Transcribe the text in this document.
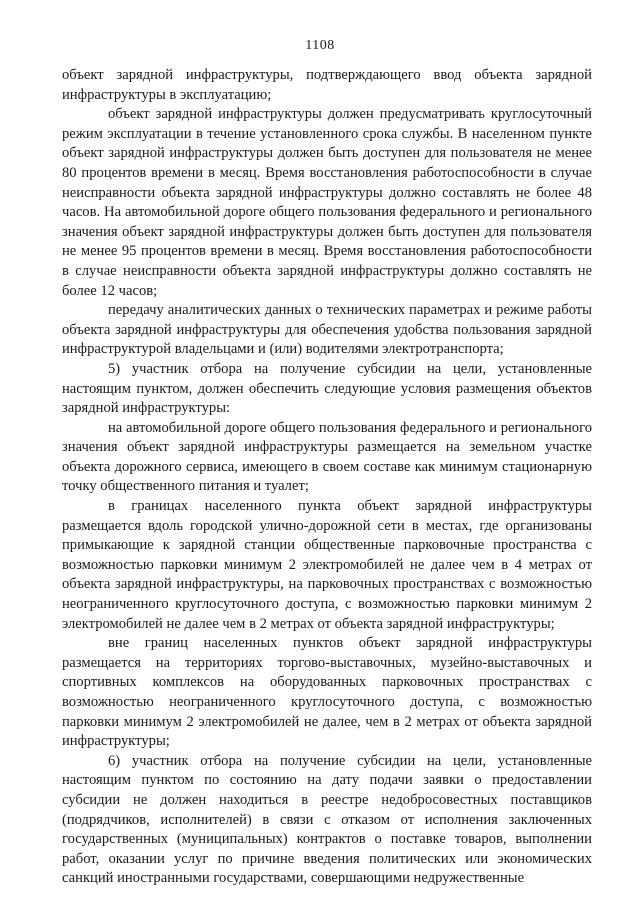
1108

объект зарядной инфраструктуры, подтверждающего ввод объекта зарядной инфраструктуры в эксплуатацию;

объект зарядной инфраструктуры должен предусматривать круглосуточный режим эксплуатации в течение установленного срока службы. В населенном пункте объект зарядной инфраструктуры должен быть доступен для пользователя не менее 80 процентов времени в месяц. Время восстановления работоспособности в случае неисправности объекта зарядной инфраструктуры должно составлять не более 48 часов. На автомобильной дороге общего пользования федерального и регионального значения объект зарядной инфраструктуры должен быть доступен для пользователя не менее 95 процентов времени в месяц. Время восстановления работоспособности в случае неисправности объекта зарядной инфраструктуры должно составлять не более 12 часов;

передачу аналитических данных о технических параметрах и режиме работы объекта зарядной инфраструктуры для обеспечения удобства пользования зарядной инфраструктурой владельцами и (или) водителями электротранспорта;

5) участник отбора на получение субсидии на цели, установленные настоящим пунктом, должен обеспечить следующие условия размещения объектов зарядной инфраструктуры:

на автомобильной дороге общего пользования федерального и регионального значения объект зарядной инфраструктуры размещается на земельном участке объекта дорожного сервиса, имеющего в своем составе как минимум стационарную точку общественного питания и туалет;

в границах населенного пункта объект зарядной инфраструктуры размещается вдоль городской улично-дорожной сети в местах, где организованы примыкающие к зарядной станции общественные парковочные пространства с возможностью парковки минимум 2 электромобилей не далее чем в 4 метрах от объекта зарядной инфраструктуры, на парковочных пространствах с возможностью неограниченного круглосуточного доступа, с возможностью парковки минимум 2 электромобилей не далее чем в 2 метрах от объекта зарядной инфраструктуры;

вне границ населенных пунктов объект зарядной инфраструктуры размещается на территориях торгово-выставочных, музейно-выставочных и спортивных комплексов на оборудованных парковочных пространствах с возможностью неограниченного круглосуточного доступа, с возможностью парковки минимум 2 электромобилей не далее, чем в 2 метрах от объекта зарядной инфраструктуры;

6) участник отбора на получение субсидии на цели, установленные настоящим пунктом по состоянию на дату подачи заявки о предоставлении субсидии не должен находиться в реестре недобросовестных поставщиков (подрядчиков, исполнителей) в связи с отказом от исполнения заключенных государственных (муниципальных) контрактов о поставке товаров, выполнении работ, оказании услуг по причине введения политических или экономических санкций иностранными государствами, совершающими недружественные
